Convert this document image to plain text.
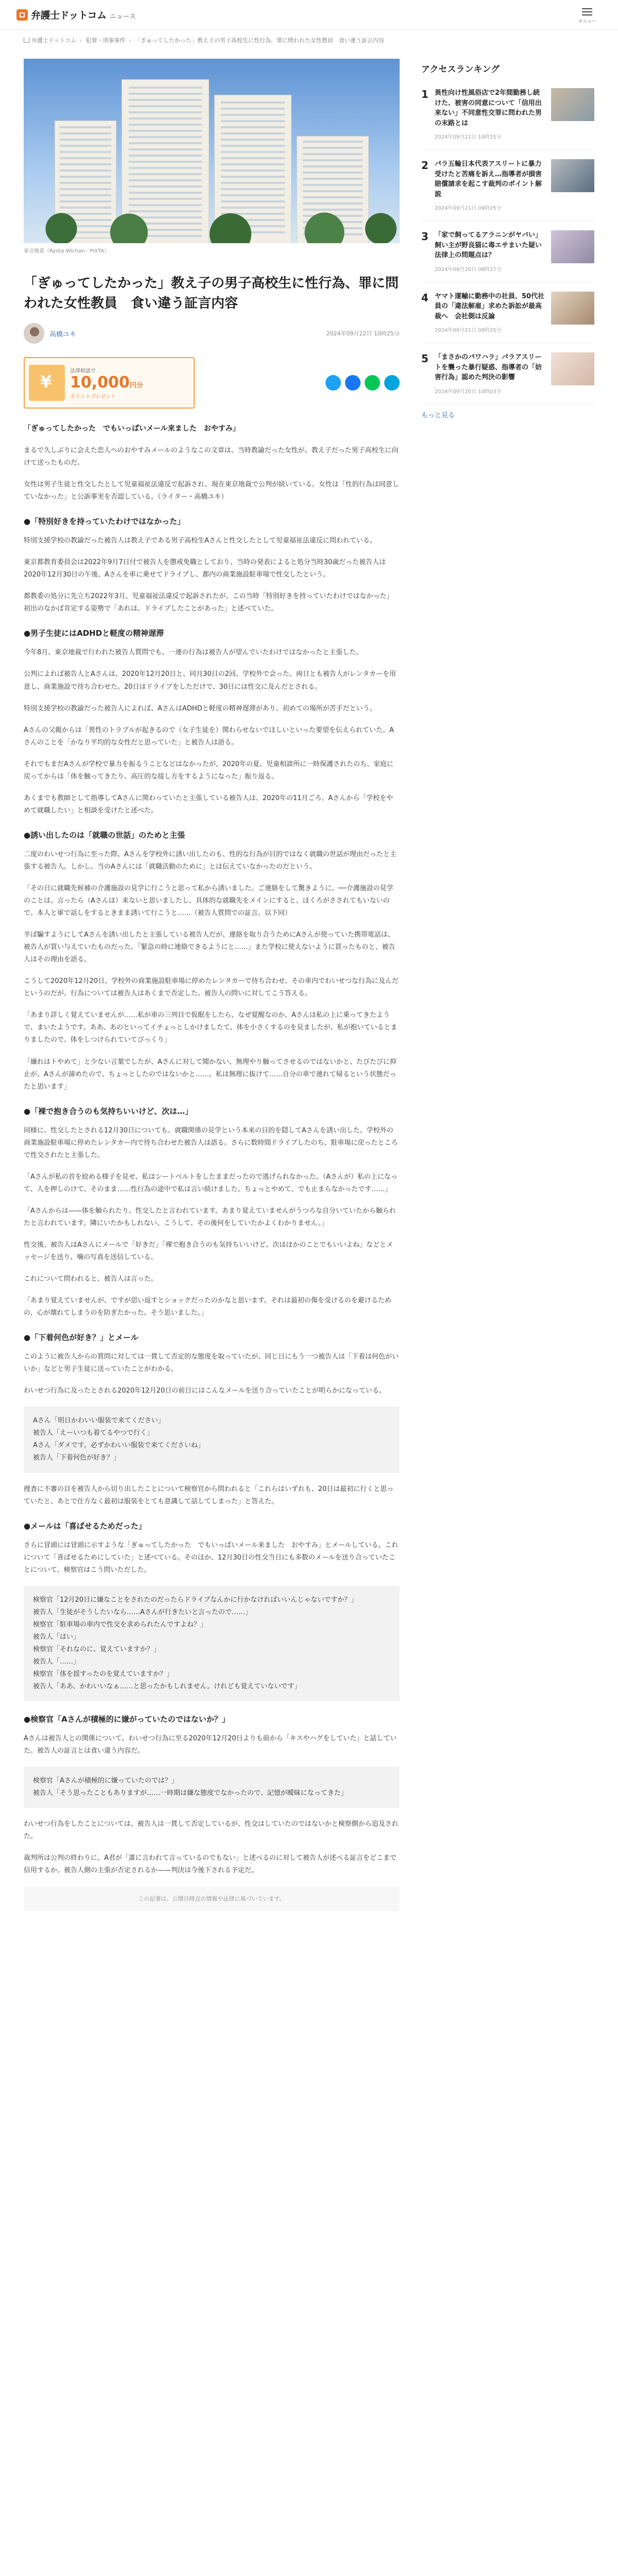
弁護士ドットコム ニュース
メニュー
弁護士ドットコム › 犯罪・刑事事件 › 「ぎゅってしたかった」教え子の男子高校生に性行為、罪に問われた女性教員　食い違う証言内容
東京地裁（Ryota Wichan／PIXTA）
「ぎゅってしたかった」教え子の男子高校生に性行為、罪に問われた女性教員　食い違う証言内容
高橋ユキ	2024年09月22日 10時25分
¥
法律相談で
10,000円分
ポイントプレゼント

「ぎゅってしたかった　でもいっぱいメール来ました　おやすみ」

まるで久しぶりに会えた恋人へのおやすみメールのようなこの文章は、当時教諭だった女性が、教え子だった男子高校生に向けて送ったものだ。

女性は男子生徒と性交したとして児童福祉法違反で起訴され、現在東京地裁で公判が続いている。女性は「性的行為は同意していなかった」と公訴事実を否認している。（ライター・高橋ユキ）

●「特別好きを持っていたわけではなかった」

特別支援学校の教諭だった被告人は教え子である男子高校生Aさんと性交したとして児童福祉法違反に問われている。

東京都教育委員会は2022年9月7日付で被告人を懲戒免職としており、当時の発表によると処分当時30歳だった被告人は2020年12月30日の午後、Aさんを車に乗せてドライブし、都内の商業施設駐車場で性交したという。

都教委の処分に先立ち2022年3月、児童福祉法違反で起訴されたが、この当時「特別好きを持っていたわけではなかった」初出のなかば肯定する姿勢で「あれは、ドライブしたことがあった」と述べていた。

●男子生徒にはADHDと軽度の精神遅滞

今年8月、東京地裁で行われた被告人質問でも、一連の行為は被告人が望んでいたわけではなかったと主張した。

公判によれば被告人とAさんは、2020年12月20日と、同月30日の2回、学校外で会った。両日とも被告人がレンタカーを用意し、商業施設で待ち合わせた。20日はドライブをしただけで、30日には性交に及んだとされる。

特別支援学校の教諭だった被告人によれば、AさんはADHDと軽度の精神遅滞があり、初めての場所が苦手だという。

Aさんの父親からは「異性のトラブルが起きるので（女子生徒を）関わらせないでほしいといった要望を伝えられていた。Aさんのことを「かなり平均的な女性だと思っていた」と被告人は語る。

それでもまだAさんが学校で暴力を振るうことなどはなかったが、2020年の夏、児童相談所に一時保護されたのち、家庭に戻ってからは「体を触ってきたり、高圧的な接し方をするようになった」振り返る。

あくまでも教師として指導してAさんに関わっていたと主張している被告人は、2020年の11月ごろ、Aさんから「学校をやめて就職したい」と相談を受けたと述べた。

●誘い出したのは「就職の世話」のためと主張

二度のわいせつ行為に至った際、Aさんを学校外に誘い出したのも、性的な行為が目的ではなく就職の世話が理由だったと主張する被告人。しかし、当のAさんには「就職活動のために」とは伝えていなかったのだという。

「その日に就職先候補の介護施設の見学に行こうと思って私から誘いました。ご連絡をして驚きように、──介護施設の見学のことは、言ったら（Aさんは）来ないと思いましたし、具体的な就職先をメインにすると、ほくろがさされてもいないので。本人と軍で話しをするときまま誘いて行こうと……（被告人質問での証言、以下同）

半ば騙すようにしてAさんを誘い出したと主張している被告人だが、連絡を取り合うためにAさんが使っていた携帯電話は、被告人が買い与えていたものだった。「緊急の時に連絡できるようにと……」また学校に使えないように買ったものと、被告人はその理由を語る。

こうして2020年12月20日、学校外の商業施設駐車場に停めたレンタカーで待ち合わせ、その車内でわいせつな行為に及んだというのだが、行為については被告人はあくまで否定した。被告人の問いに対してこう答える。

「あまり詳しく覚えていませんが……私が車の三列目で仮眠をしたら、なぜ覚醒なのか、Aさんは私の上に乗ってきたようで、まいたようです。ああ、あのといってイチょっとしかけましたて、体を小さくするのを見ましたが、私が抱いているとまりましたので、体をしつけられていてびっくり」

「嫌れはトやめて」と少ない言葉でしたが、Aさんに対して聞かない、無理やり触ってさせるのではないかと、たびたびに抑止が、Aさんが諦めたので、ちょっとしたのではないかと……。私は無理に抜けて……自分の車で連れて帰るという状態だったと思います」

●「裸で抱き合うのも気持ちいいけど、次は…」

同様に、性交したとされる12月30日についても、就職関係の見学という本来の目的を隠してAさんを誘い出した。学校外の商業施設駐車場に停めたレンタカー内で待ち合わせた被告人は語る。さらに数時間ドライブしたのち、駐車場に戻ったところで性交されたと主張した。

「Aさんが私の首を絞める様子を見せ、私はシートベルトをしたままだったので逃げられなかった。（Aさんが）私の上になって、人を押しのけて、そのまま……性行為の途中で私は言い続けました。ちょっとやめて、でも止まらなかったです……」

「Aさんからは——体を触られたり、性交したと言われています。あまり覚えていませんがうつろな自分いていたから触られたと言われています。隣にいたかもしれない。こうして、その後何をしていたかよくわかりません。」

性交後、被告人はAさんにメールで「好きだ」「裸で抱き合うのも気持ちいいけど、次はほかのことでもいいよね」などとメッセージを送り、噛の写真を送信している。

これについて問われると、被告人は言った。

「あまり覚えていませんが、ですが思い返すとショックだったのかなと思います。それは最初の傷を受けるのを避けるための、心が壊れてしまうのを防ぎたかった。そう思いました。」

●「下着何色が好き？」とメール

このように被告人からの質問に対しては一貫して否定的な態度を取っていたが、同じ日にもう一つ被告人は「下着は何色がいいか」などと男子生徒に送っていたことがわかる。

わいせつ行為に及ったとされる2020年12月20日の前日にはこんなメールを送り合っていたことが明らかになっている。

Aさん「明日かわいい服装で来てください」
被告人「えーいつも着てるやつで行く」
Aさん「ダメです。必ずかわいい服装で来てくださいね」
被告人「下着何色が好き？」

捜査に不審の目を被告人から切り出したことについて検察官から問われると「これらはいずれも、20日は最初に行くと思っていたと、あとで仕方なく最初は服装をとても意識して話してしまった」と答えた。

●メールは「喜ばせるためだった」

さらに冒頭には冒頭に示すような「ぎゅってしたかった　でもいっぱいメール来ました　おやすみ」とメールしている。これについて「喜ばせるためにしていた」と述べている。そのほか、12月30日の性交当日にも多数のメールを送り合っていたことについて、検察官はこう問いただした。

検察官「12月20日に嫌なことをされたのだったらドライブなんかに行かなければいいんじゃないですか？」
被告人「生徒がそうしたいなら……Aさんが行きたいと言ったので……」
検察官「駐車場の車内で性交を求められたんですよね？」
被告人「はい」
検察官「それなのに、覚えていますか？」
被告人「……」
検察官「体を揺すったのを覚えていますか？」
被告人「ああ、かわいいなぁ……と思ったかもしれません。けれども覚えていないです」

●検察官「Aさんが積極的に嫌がっていたのではないか？」

Aさんは被告人との関係について、わいせつ行為に至る2020年12月20日よりも前から「キスやハグをしていた」と話していた。被告人の証言とは食い違う内容だ。

検察官「Aさんが積極的に嫌っていたのでは？」
被告人「そう思ったこともありますが……一時期は嫌な態度でなかったので、記憶が曖昧になってきた」

わいせつ行為をしたことについては、被告人は一貫して否定しているが、性交はしていたのではないかと検察側から追及された。

裁判所は公判の終わりに、A君が「誰に言われて言っているのでもない」と述べるのに対して被告人が述べる証言をどこまで信用するか。被告人側の主張が否定されるか——判決は今後下される予定だ。

この記事は、公開日時点の情報や法律に基づいています。

アクセスランキング
1 異性向け性風俗店で2年間勤務し続けた、被害の同意について「信用出来ない」不同意性交罪に問われた男の末路とは
2024年09月21日 10時25分
2 パラ五輪日本代表アスリートに暴力受けたと苦痛を訴え…指導者が損害賠償請求を起こす裁判のポイント解説
2024年09月21日 09時25分
3 「家で飼ってるアラニンがヤバい」飼い主が野良猫に毒エサまいた疑い　法律上の問題点は？
2024年09月20日 08時27分
4 ヤマト運輸に勤務中の社員、50代社員の「違法解雇」求めた訴訟が最高裁へ　会社側は反論
2024年09月21日 09時25分
5 「まさかのパワハラ」パラアスリートを襲った暴行疑惑、指導者の「妨害行為」認めた判決の影響
2024年09月20日 10時03分
もっと見る
